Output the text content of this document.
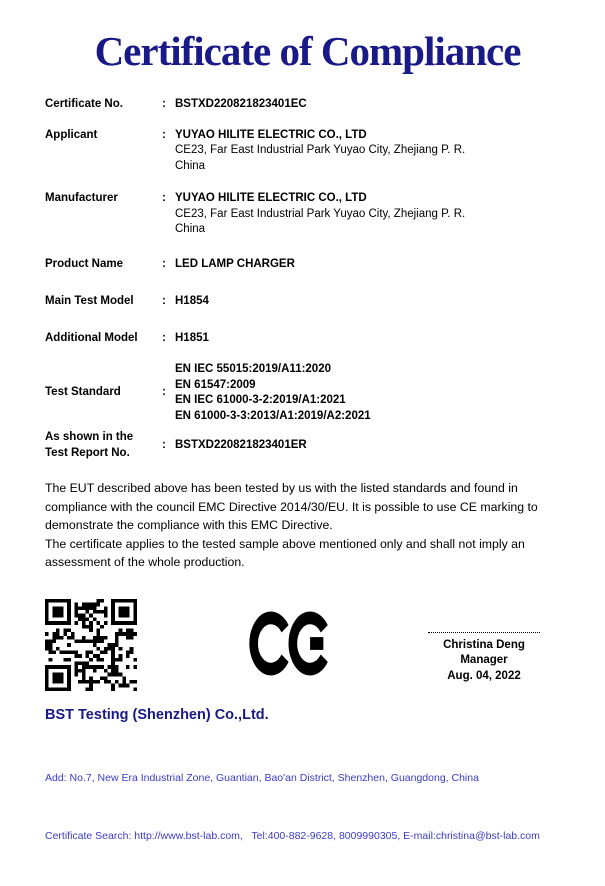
Certificate of Compliance
Certificate No.	: BSTXD220821823401EC
Applicant	: YUYAO HILITE ELECTRIC CO., LTD
CE23, Far East Industrial Park Yuyao City, Zhejiang P. R.
China
Manufacturer	: YUYAO HILITE ELECTRIC CO., LTD
CE23, Far East Industrial Park Yuyao City, Zhejiang P. R.
China
Product Name	: LED LAMP CHARGER
Main Test Model	: H1854
Additional Model	: H1851
Test Standard	:
EN IEC 55015:2019/A11:2020
EN 61547:2009
EN IEC 61000-3-2:2019/A1:2021
EN 61000-3-3:2013/A1:2019/A2:2021
As shown in the Test Report No.
: BSTXD220821823401ER

The EUT described above has been tested by us with the listed standards and found in compliance with the council EMC Directive 2014/30/EU. It is possible to use CE marking to demonstrate the compliance with this EMC Directive.

The certificate applies to the tested sample above mentioned only and shall not imply an assessment of the whole production.

Christina Deng
Manager
Aug. 04, 2022
BST Testing (Shenzhen) Co.,Ltd.

Add: No.7, New Era Industrial Zone, Guantian, Bao'an District, Shenzhen, Guangdong, China

Certificate Search: http://www.bst-lab.com,   Tel:400-882-9628, 8009990305, E-mail:christina@bst-lab.com
